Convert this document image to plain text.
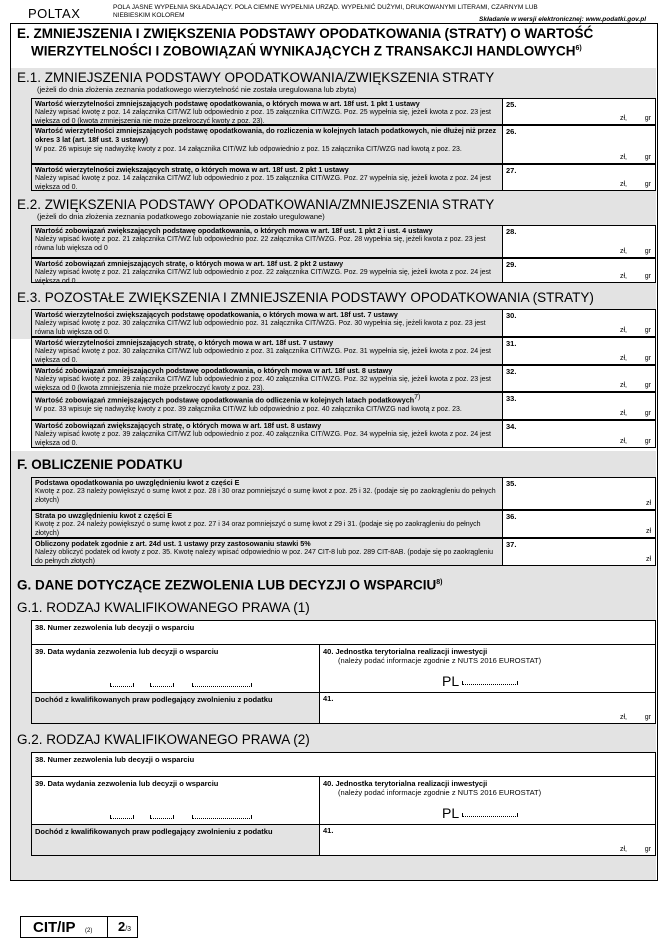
POLTAX	POLA JASNE WYPEŁNIA SKŁADAJĄCY. POLA CIEMNE WYPEŁNIA URZĄD. WYPEŁNIĆ DUŻYMI, DRUKOWANYMI LITERAMI, CZARNYM LUB NIEBIESKIM KOLOREM
Składanie w wersji elektronicznej: www.podatki.gov.pl
E. ZMNIEJSZENIA I ZWIĘKSZENIA PODSTAWY OPODATKOWANIA (STRATY) O WARTOŚĆ
WIERZYTELNOŚCI I ZOBOWIĄZAŃ WYNIKAJĄCYCH Z TRANSAKCJI HANDLOWYCH$^{6)}$
E.1. ZMNIEJSZENIA PODSTAWY OPODATKOWANIA/ZWIĘKSZENIA STRATY
(jeżeli do dnia złożenia zeznania podatkowego wierzytelność nie została uregulowana lub zbyta)
Wartość wierzytelności zmniejszających podstawę opodatkowania, o których mowa w art. 18f ust. 1 pkt 1 ustawy
Należy wpisać kwotę z poz. 14 załącznika CIT/WZ lub odpowiednio z poz. 15 załącznika CIT/WZG. Poz. 25 wypełnia się, jeżeli kwota z poz. 23 jest większa od 0 (kwota zmniejszenia nie może przekroczyć kwoty z poz. 23).
25.
zł,	gr
Wartość wierzytelności zmniejszających podstawę opodatkowania, do rozliczenia w kolejnych latach podatkowych, nie dłużej niż przez okres 3 lat (art. 18f ust. 3 ustawy)
W poz. 26 wpisuje się nadwyżkę kwoty z poz. 14 załącznika CIT/WZ lub odpowiednio z poz. 15 załącznika CIT/WZG nad kwotą z poz. 23.
26.
zł,	gr
Wartość wierzytelności zwiększających stratę, o których mowa w art. 18f ust. 2 pkt 1 ustawy
Należy wpisać kwotę z poz. 14 załącznika CIT/WZ lub odpowiednio z poz. 15 załącznika CIT/WZG. Poz. 27 wypełnia się, jeżeli kwota z poz. 24 jest większa od 0.
27.
zł,	gr
E.2. ZWIĘKSZENIA PODSTAWY OPODATKOWANIA/ZMNIEJSZENIA STRATY
(jeżeli do dnia złożenia zeznania podatkowego zobowiązanie nie zostało uregulowane)
Wartość zobowiązań zwiększających podstawę opodatkowania, o których mowa w art. 18f ust. 1 pkt 2 i ust. 4 ustawy
Należy wpisać kwotę z poz. 21 załącznika CIT/WZ lub odpowiednio poz. 22 załącznika CIT/WZG. Poz. 28 wypełnia się, jeżeli kwota z poz. 23 jest równa lub większa od 0
28.
zł,	gr
Wartość zobowiązań zmniejszających stratę, o których mowa w art. 18f ust. 2 pkt 2 ustawy
Należy wpisać kwotę z poz. 21 załącznika CIT/WZ lub odpowiednio z poz. 22 załącznika CIT/WZG. Poz. 29 wypełnia się, jeżeli kwota z poz. 24 jest większa od 0.
29.
zł,	gr
E.3. POZOSTAŁE ZWIĘKSZENIA I ZMNIEJSZENIA PODSTAWY OPODATKOWANIA (STRATY)
Wartość wierzytelności zwiększających podstawę opodatkowania, o których mowa w art. 18f ust. 7 ustawy
Należy wpisać kwotę z poz. 30 załącznika CIT/WZ lub odpowiednio poz. 31 załącznika CIT/WZG. Poz. 30 wypełnia się, jeżeli kwota z poz. 23 jest równa lub większa od 0.
30.
zł,	gr
Wartość wierzytelności zmniejszających stratę, o których mowa w art. 18f ust. 7 ustawy
Należy wpisać kwotę z poz. 30 załącznika CIT/WZ lub odpowiednio z poz. 31 załącznika CIT/WZG. Poz. 31 wypełnia się, jeżeli kwota z poz. 24 jest większa od 0.
31.
zł,	gr
Wartość zobowiązań zmniejszających podstawę opodatkowania, o których mowa w art. 18f ust. 8 ustawy
Należy wpisać kwotę z poz. 39 załącznika CIT/WZ lub odpowiednio z poz. 40 załącznika CIT/WZG. Poz. 32 wypełnia się, jeżeli kwota z poz. 23 jest większa od 0 (kwota zmniejszenia nie może przekroczyć kwoty z poz. 23).
32.
zł,	gr
Wartość zobowiązań zmniejszających podstawę opodatkowania do odliczenia w kolejnych latach podatkowych$^{7)}$
W poz. 33 wpisuje się nadwyżkę kwoty z poz. 39 załącznika CIT/WZ lub odpowiednio z poz. 40 załącznika CIT/WZG nad kwotą z poz. 23.
33.
zł,	gr
Wartość zobowiązań zwiększających stratę, o których mowa w art. 18f ust. 8 ustawy
Należy wpisać kwotę z poz. 39 załącznika CIT/WZ lub odpowiednio z poz. 40 załącznika CIT/WZG. Poz. 34 wypełnia się, jeżeli kwota z poz. 24 jest większa od 0.
34.
zł,	gr
F. OBLICZENIE PODATKU
Podstawa opodatkowania po uwzględnieniu kwot z części E
Kwotę z poz. 23 należy powiększyć o sumę kwot z poz. 28 i 30 oraz pomniejszyć o sumę kwot z poz. 25 i 32. (podaje się po zaokrągleniu do pełnych złotych)
35.
zł
Strata po uwzględnieniu kwot z części E
Kwotę z poz. 24 należy powiększyć o sumę kwot z poz. 27 i 34 oraz pomniejszyć o sumę kwot z 29 i 31. (podaje się po zaokrągleniu do pełnych złotych)
36.
zł
Obliczony podatek zgodnie z art. 24d ust. 1 ustawy przy zastosowaniu stawki 5%
Należy obliczyć podatek od kwoty z poz. 35. Kwotę należy wpisać odpowiednio w poz. 247 CIT-8 lub poz. 289 CIT-8AB. (podaje się po zaokrągleniu do pełnych złotych)
37.
zł
G. DANE DOTYCZĄCE ZEZWOLENIA LUB DECYZJI O WSPARCIU$^{8)}$
G.1. RODZAJ KWALIFIKOWANEGO PRAWA (1)
38. Numer zezwolenia lub decyzji o wsparciu
39. Data wydania zezwolenia lub decyzji o wsparciu	40. Jednostka terytorialna realizacji inwestycji
(należy podać informacje zgodnie z NUTS 2016 EUROSTAT)
PL
Dochód z kwalifikowanych praw podlegający zwolnieniu z podatku	41.
zł,	gr
G.2. RODZAJ KWALIFIKOWANEGO PRAWA (2)
38. Numer zezwolenia lub decyzji o wsparciu
39. Data wydania zezwolenia lub decyzji o wsparciu	40. Jednostka terytorialna realizacji inwestycji
(należy podać informacje zgodnie z NUTS 2016 EUROSTAT)
PL
Dochód z kwalifikowanych praw podlegający zwolnieniu z podatku	41.
zł,	gr
CIT/IP (2)	2/3
